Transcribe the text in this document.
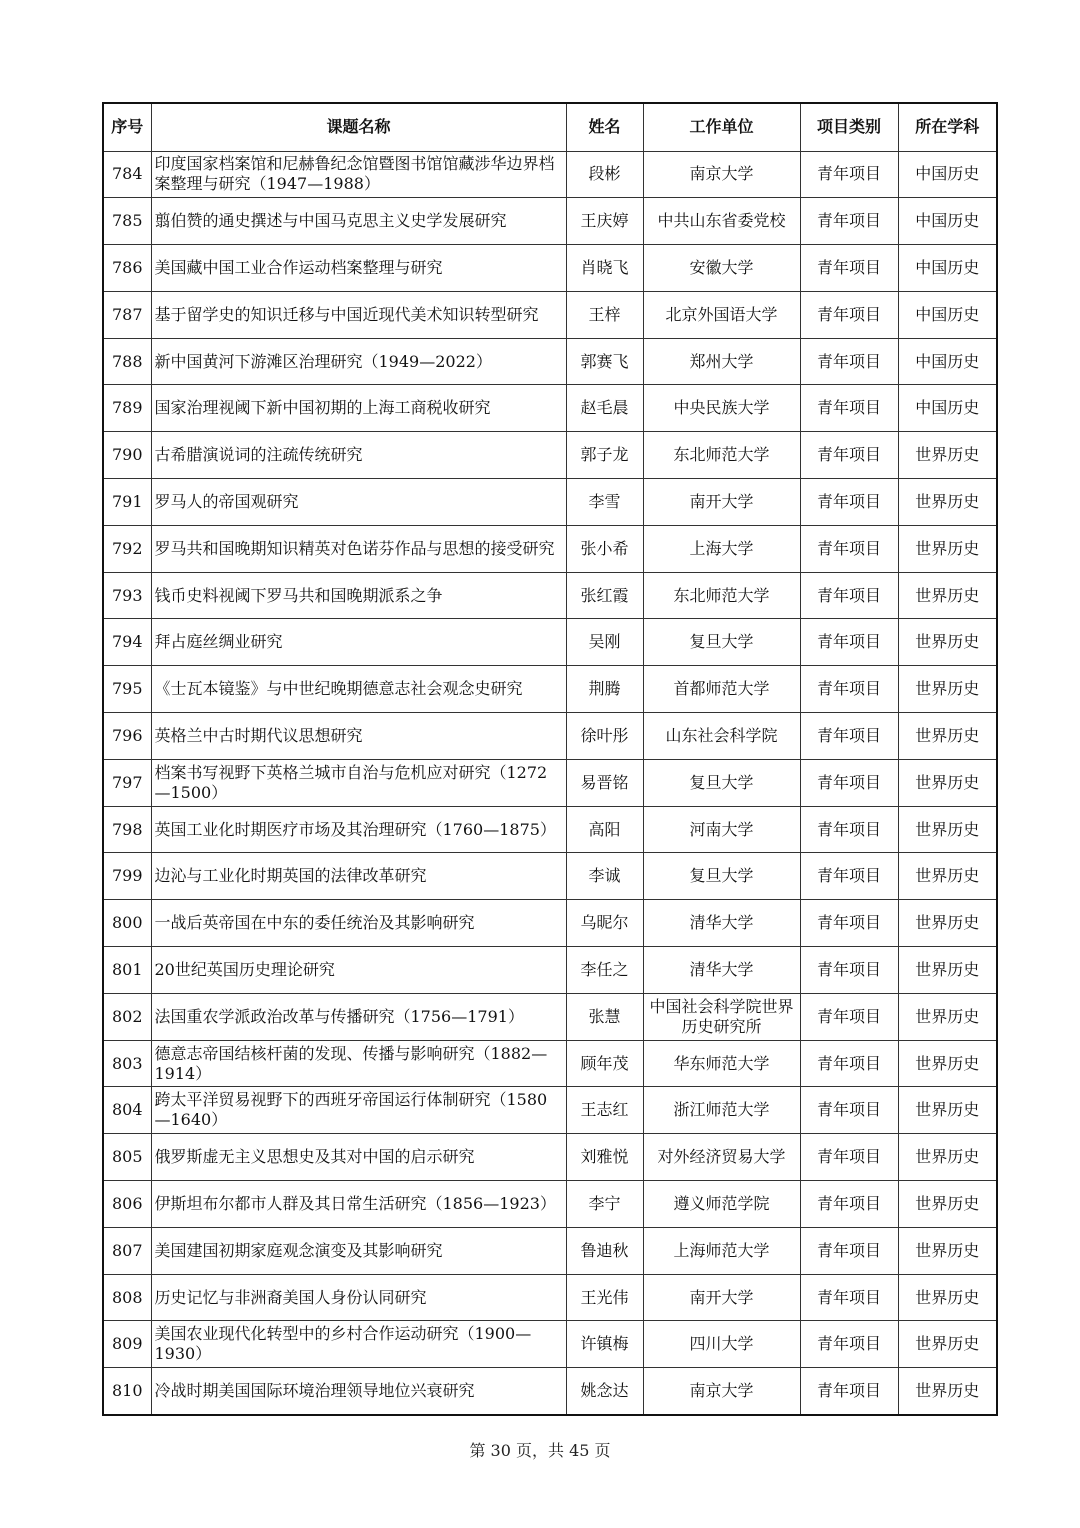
序号	课题名称	姓名	工作单位	项目类别	所在学科
784	印度国家档案馆和尼赫鲁纪念馆暨图书馆馆藏涉华边界档案整理与研究（1947—1988）	段彬	南京大学	青年项目	中国历史
785	翦伯赞的通史撰述与中国马克思主义史学发展研究	王庆婷	中共山东省委党校	青年项目	中国历史
786	美国藏中国工业合作运动档案整理与研究	肖晓飞	安徽大学	青年项目	中国历史
787	基于留学史的知识迁移与中国近现代美术知识转型研究	王梓	北京外国语大学	青年项目	中国历史
788	新中国黄河下游滩区治理研究（1949—2022）	郭赛飞	郑州大学	青年项目	中国历史
789	国家治理视阈下新中国初期的上海工商税收研究	赵毛晨	中央民族大学	青年项目	中国历史
790	古希腊演说词的注疏传统研究	郭子龙	东北师范大学	青年项目	世界历史
791	罗马人的帝国观研究	李雪	南开大学	青年项目	世界历史
792	罗马共和国晚期知识精英对色诺芬作品与思想的接受研究	张小希	上海大学	青年项目	世界历史
793	钱币史料视阈下罗马共和国晚期派系之争	张红霞	东北师范大学	青年项目	世界历史
794	拜占庭丝绸业研究	吴刚	复旦大学	青年项目	世界历史
795	《士瓦本镜鉴》与中世纪晚期德意志社会观念史研究	荆腾	首都师范大学	青年项目	世界历史
796	英格兰中古时期代议思想研究	徐叶彤	山东社会科学院	青年项目	世界历史
797	档案书写视野下英格兰城市自治与危机应对研究（1272—1500）	易晋铭	复旦大学	青年项目	世界历史
798	英国工业化时期医疗市场及其治理研究（1760—1875）	高阳	河南大学	青年项目	世界历史
799	边沁与工业化时期英国的法律改革研究	李诚	复旦大学	青年项目	世界历史
800	一战后英帝国在中东的委任统治及其影响研究	乌昵尔	清华大学	青年项目	世界历史
801	20世纪英国历史理论研究	李任之	清华大学	青年项目	世界历史
802	法国重农学派政治改革与传播研究（1756—1791）	张慧	中国社会科学院世界历史研究所	青年项目	世界历史
803	德意志帝国结核杆菌的发现、传播与影响研究（1882—1914）	顾年茂	华东师范大学	青年项目	世界历史
804	跨太平洋贸易视野下的西班牙帝国运行体制研究（1580—1640）	王志红	浙江师范大学	青年项目	世界历史
805	俄罗斯虚无主义思想史及其对中国的启示研究	刘雅悦	对外经济贸易大学	青年项目	世界历史
806	伊斯坦布尔都市人群及其日常生活研究（1856—1923）	李宁	遵义师范学院	青年项目	世界历史
807	美国建国初期家庭观念演变及其影响研究	鲁迪秋	上海师范大学	青年项目	世界历史
808	历史记忆与非洲裔美国人身份认同研究	王光伟	南开大学	青年项目	世界历史
809	美国农业现代化转型中的乡村合作运动研究（1900—1930）	许镇梅	四川大学	青年项目	世界历史
810	冷战时期美国国际环境治理领导地位兴衰研究	姚念达	南京大学	青年项目	世界历史
第 30 页，共 45 页
